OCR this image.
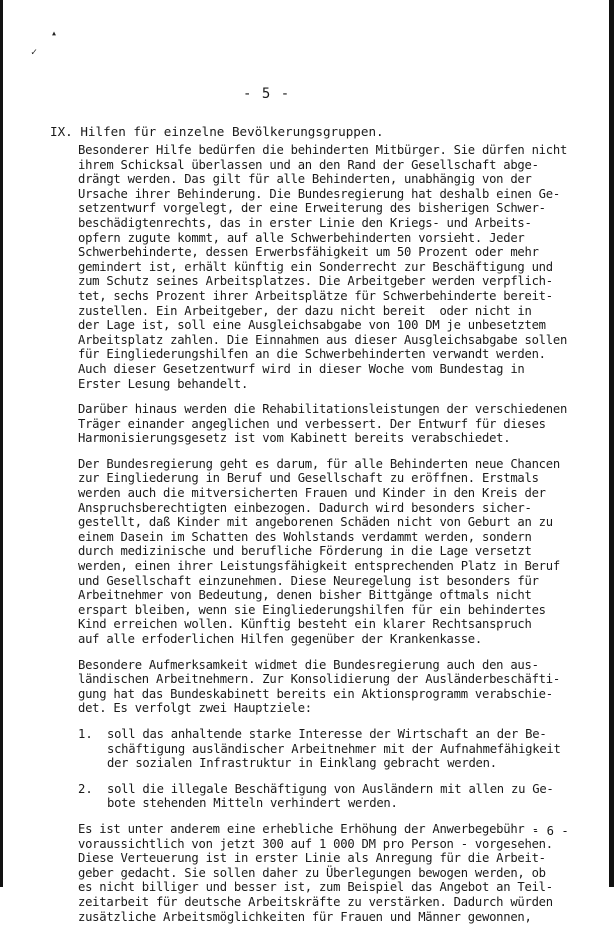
▴
✓
- 5 -
IX. Hilfen für einzelne Bevölkerungsgruppen.
Besonderer Hilfe bedürfen die behinderten Mitbürger. Sie dürfen nicht
ihrem Schicksal überlassen und an den Rand der Gesellschaft abge-
drängt werden. Das gilt für alle Behinderten, unabhängig von der
Ursache ihrer Behinderung. Die Bundesregierung hat deshalb einen Ge-
setzentwurf vorgelegt, der eine Erweiterung des bisherigen Schwer-
beschädigtenrechts, das in erster Linie den Kriegs- und Arbeits-
opfern zugute kommt, auf alle Schwerbehinderten vorsieht. Jeder
Schwerbehinderte, dessen Erwerbsfähigkeit um 50 Prozent oder mehr
gemindert ist, erhält künftig ein Sonderrecht zur Beschäftigung und
zum Schutz seines Arbeitsplatzes. Die Arbeitgeber werden verpflich-
tet, sechs Prozent ihrer Arbeitsplätze für Schwerbehinderte bereit-
zustellen. Ein Arbeitgeber, der dazu nicht bereit  oder nicht in
der Lage ist, soll eine Ausgleichsabgabe von 100 DM je unbesetztem
Arbeitsplatz zahlen. Die Einnahmen aus dieser Ausgleichsabgabe sollen
für Eingliederungshilfen an die Schwerbehinderten verwandt werden.
Auch dieser Gesetzentwurf wird in dieser Woche vom Bundestag in
Erster Lesung behandelt.
Darüber hinaus werden die Rehabilitationsleistungen der verschiedenen
Träger einander angeglichen und verbessert. Der Entwurf für dieses
Harmonisierungsgesetz ist vom Kabinett bereits verabschiedet.
Der Bundesregierung geht es darum, für alle Behinderten neue Chancen
zur Eingliederung in Beruf und Gesellschaft zu eröffnen. Erstmals
werden auch die mitversicherten Frauen und Kinder in den Kreis der
Anspruchsberechtigten einbezogen. Dadurch wird besonders sicher-
gestellt, daß Kinder mit angeborenen Schäden nicht von Geburt an zu
einem Dasein im Schatten des Wohlstands verdammt werden, sondern
durch medizinische und berufliche Förderung in die Lage versetzt
werden, einen ihrer Leistungsfähigkeit entsprechenden Platz in Beruf
und Gesellschaft einzunehmen. Diese Neuregelung ist besonders für
Arbeitnehmer von Bedeutung, denen bisher Bittgänge oftmals nicht
erspart bleiben, wenn sie Eingliederungshilfen für ein behindertes
Kind erreichen wollen. Künftig besteht ein klarer Rechtsanspruch
auf alle erfoderlichen Hilfen gegenüber der Krankenkasse.
Besondere Aufmerksamkeit widmet die Bundesregierung auch den aus-
ländischen Arbeitnehmern. Zur Konsolidierung der Ausländerbeschäfti-
gung hat das Bundeskabinett bereits ein Aktionsprogramm verabschie-
det. Es verfolgt zwei Hauptziele:
1. soll das anhaltende starke Interesse der Wirtschaft an der Be-
schäftigung ausländischer Arbeitnehmer mit der Aufnahmefähigkeit
der sozialen Infrastruktur in Einklang gebracht werden.
2. soll die illegale Beschäftigung von Ausländern mit allen zu Ge-
bote stehenden Mitteln verhindert werden.
Es ist unter anderem eine erhebliche Erhöhung der Anwerbegebühr -
voraussichtlich von jetzt 300 auf 1 000 DM pro Person - vorgesehen.
Diese Verteuerung ist in erster Linie als Anregung für die Arbeit-
geber gedacht. Sie sollen daher zu Überlegungen bewogen werden, ob
es nicht billiger und besser ist, zum Beispiel das Angebot an Teil-
zeitarbeit für deutsche Arbeitskräfte zu verstärken. Dadurch würden
zusätzliche Arbeitsmöglichkeiten für Frauen und Männer gewonnen,
- 6 -
